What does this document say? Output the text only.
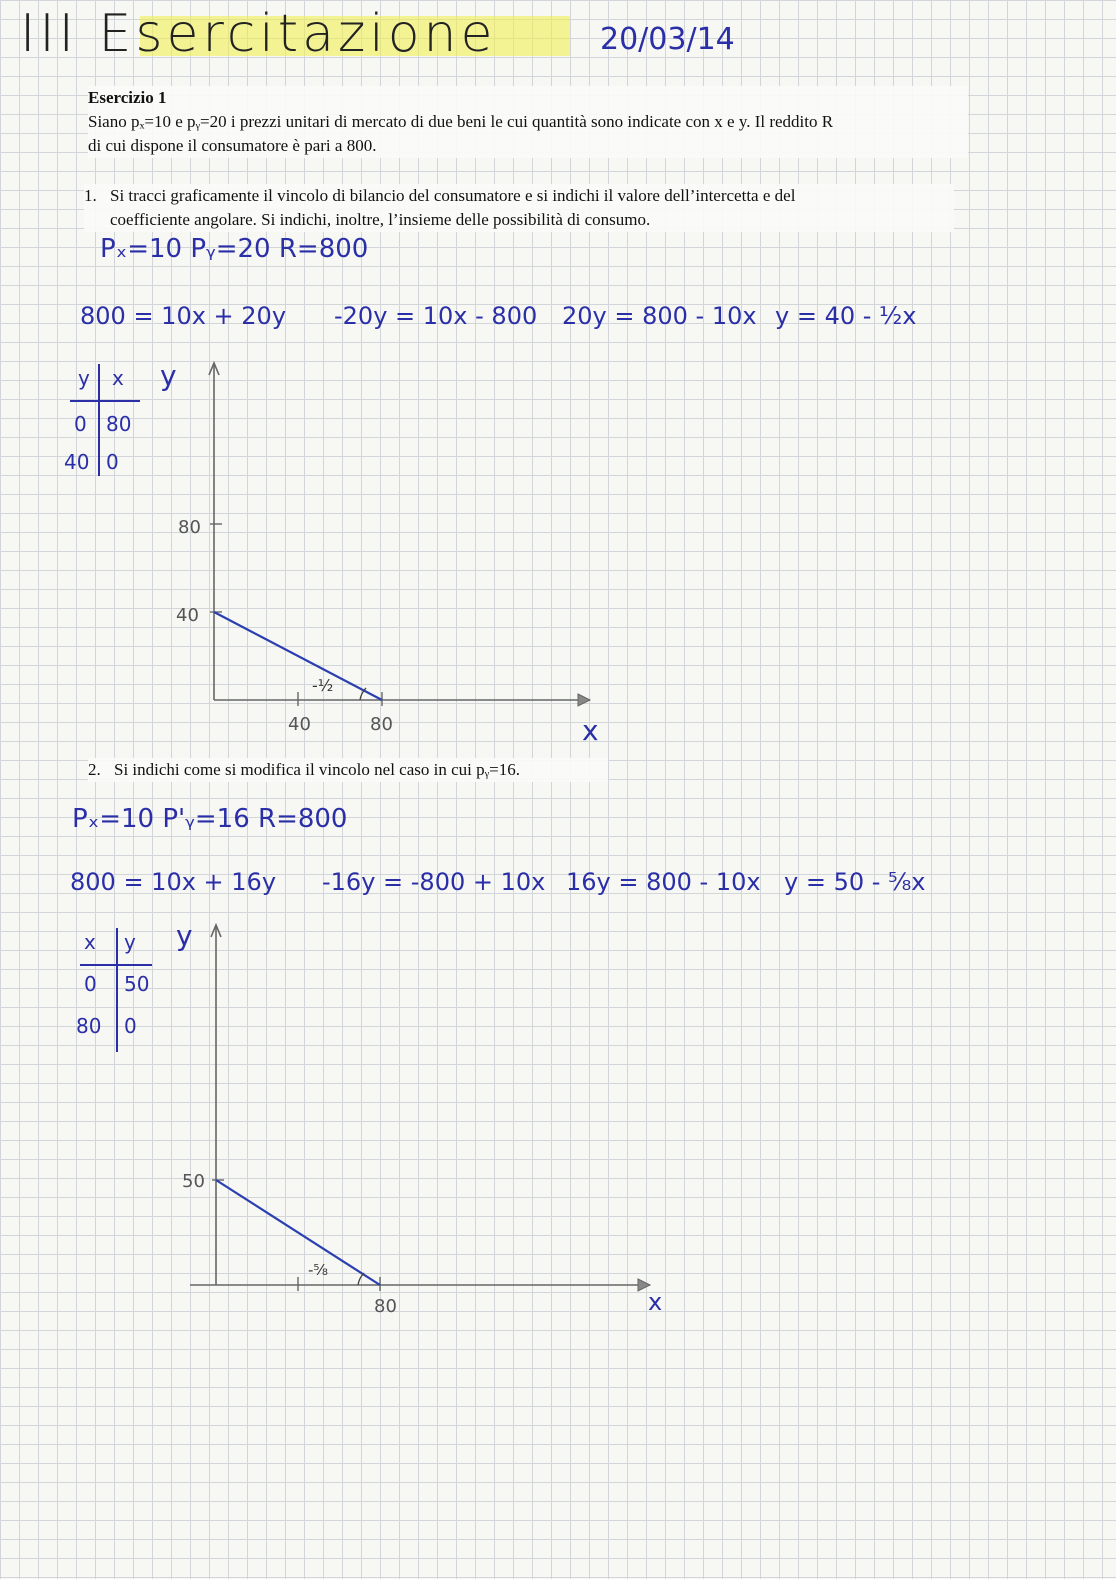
III Esercitazione	20/03/14
Esercizio 1
Siano pₓ=10 e pᵧ=20 i prezzi unitari di mercato di due beni le cui quantità sono indicate con x e y. Il reddito R
di cui dispone il consumatore è pari a 800.
1. Si tracci graficamente il vincolo di bilancio del consumatore e si indichi il valore dell’intercetta e del
coefficiente angolare. Si indichi, inoltre, l’insieme delle possibilità di consumo.
Pₓ=10 Pᵧ=20 R=800
800 = 10x + 20y -20y = 10x - 800 20y = 800 - 10x y = 40 - ½x
y x
0 80
40 0
y
x
80
40
40	80
-½
2. Si indichi come si modifica il vincolo nel caso in cui pᵧ=16.
Pₓ=10 P'ᵧ=16 R=800
800 = 10x + 16y -16y = -800 + 10x 16y = 800 - 10x y = 50 - ⁵⁄₈x
x y
0 50
80 0
y
x
50
80
-⁵⁄₈
